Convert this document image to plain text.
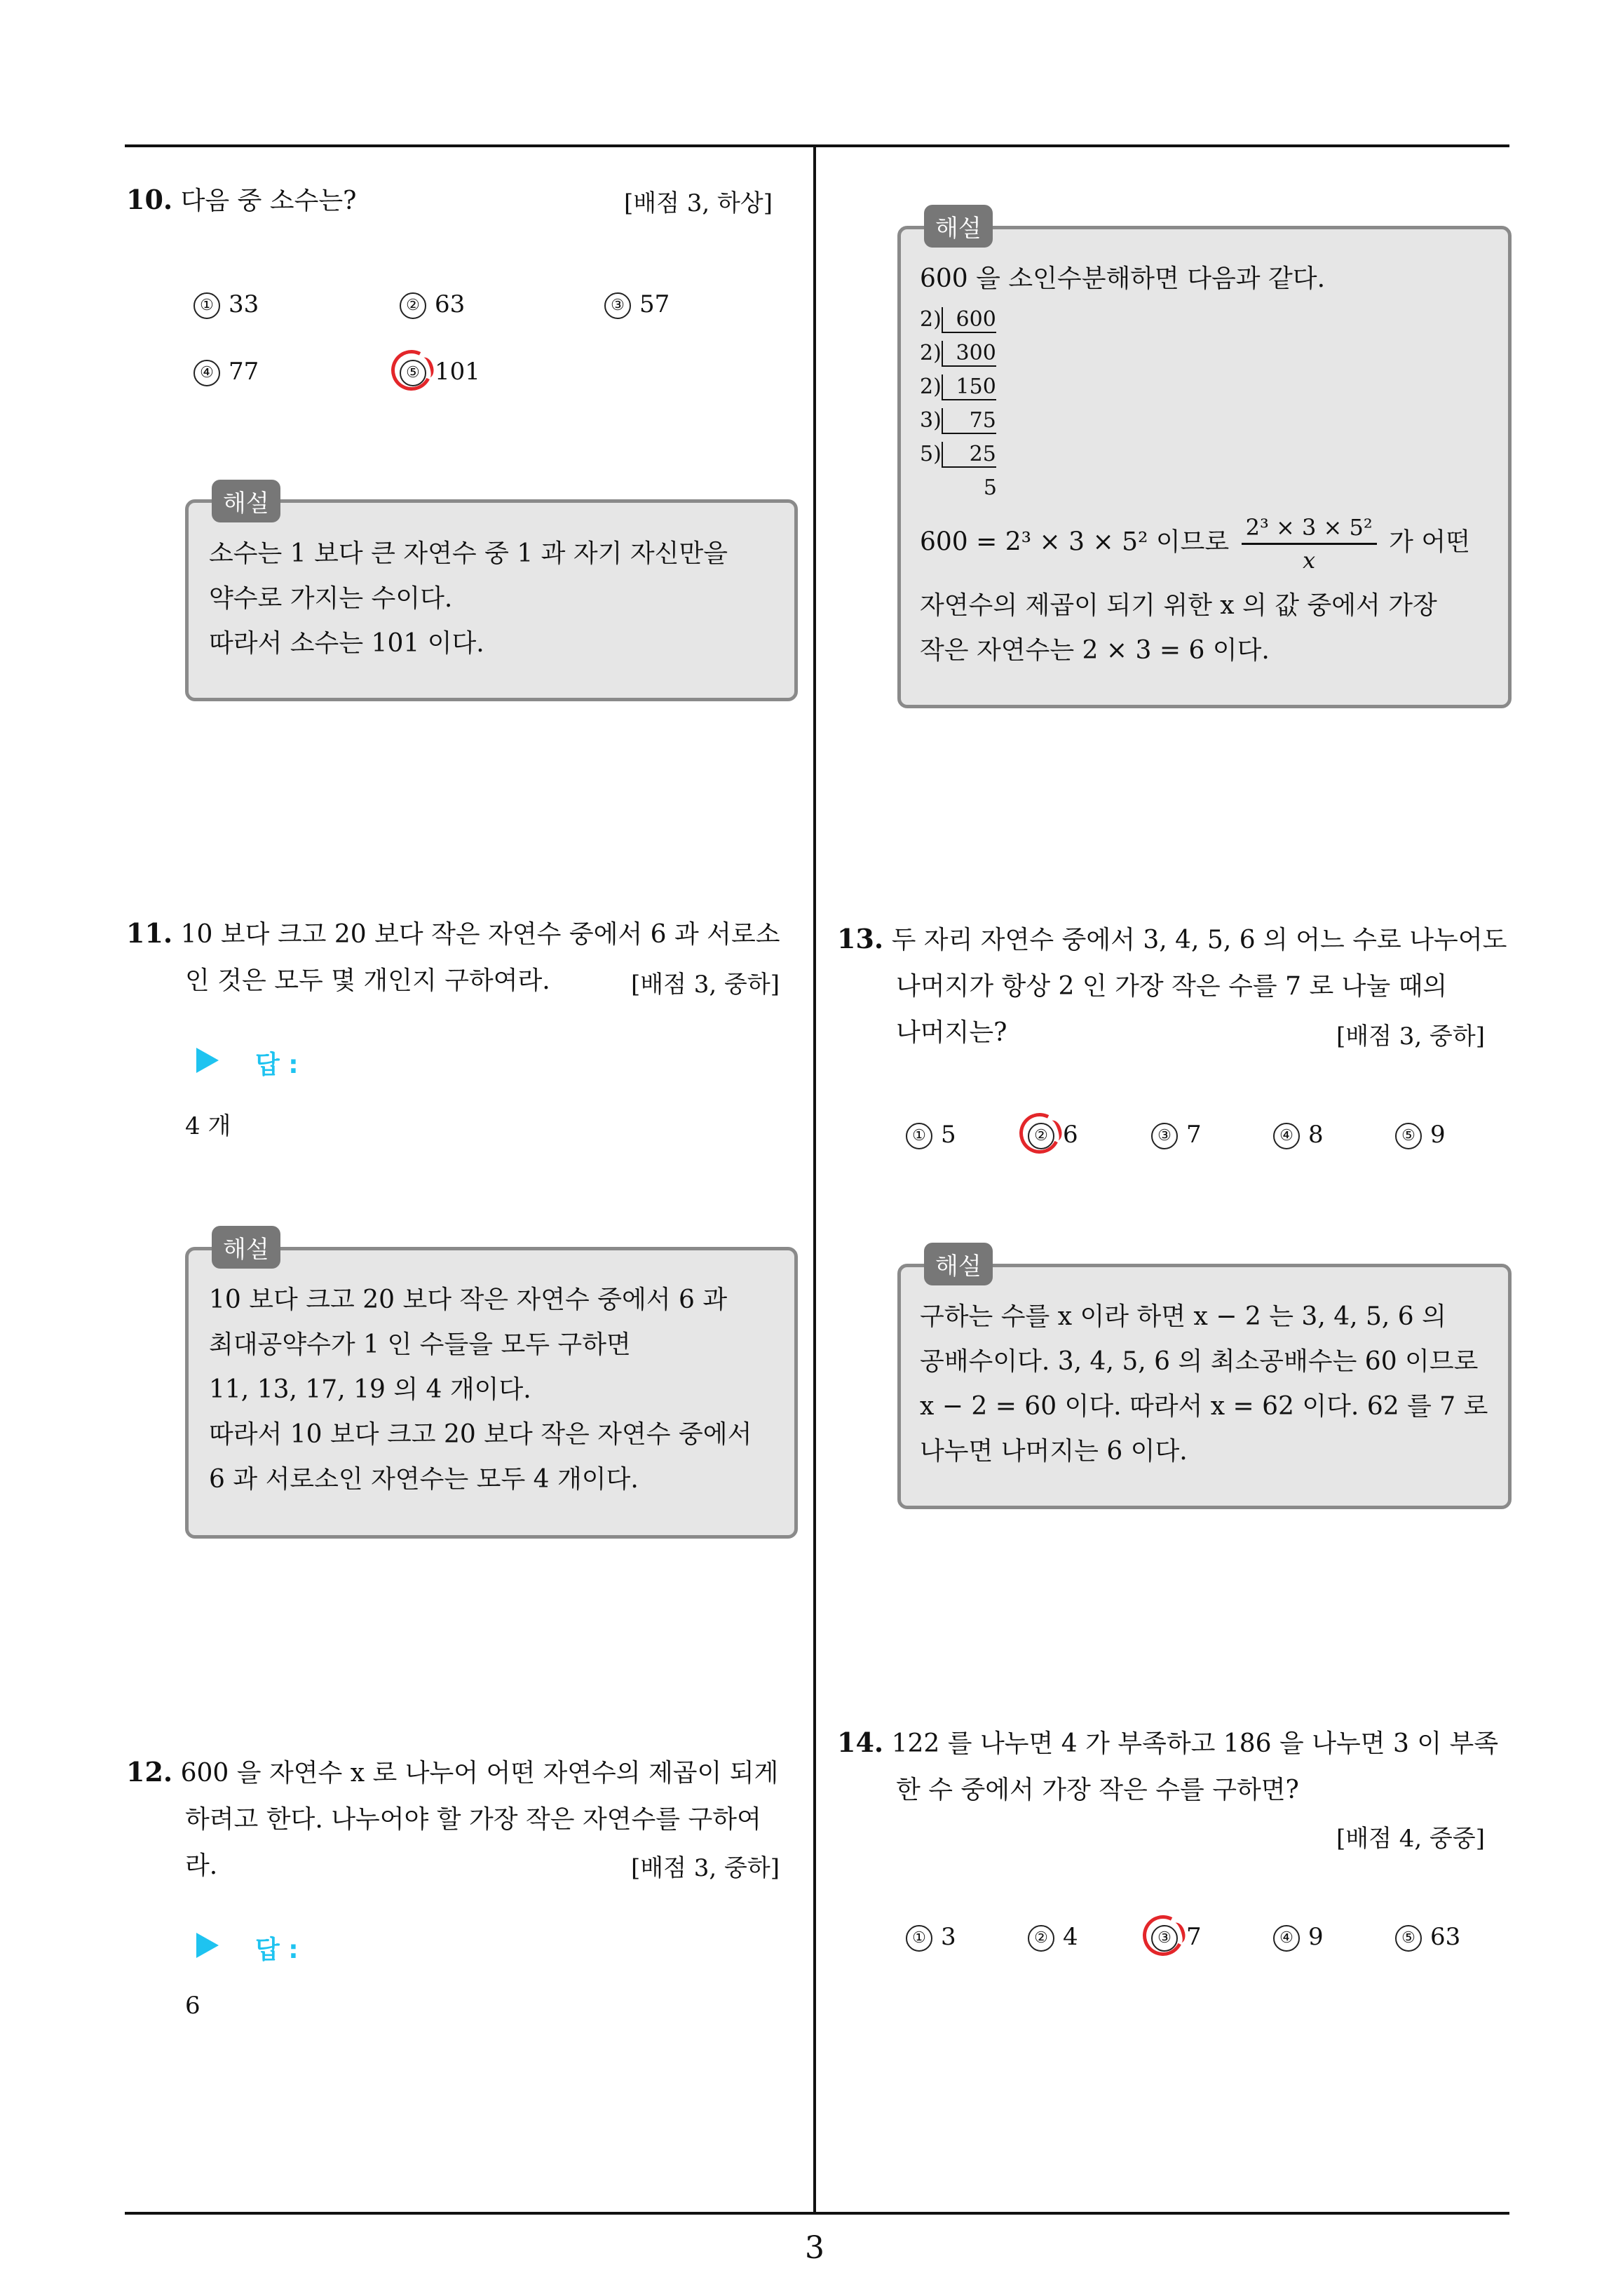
10. 다음 중 소수는?	[배점 3, 하상]
① 33	② 63	③ 57
④ 77	⑤ 101
해설
소수는 1 보다 큰 자연수 중 1 과 자기 자신만을
약수로 가지는 수이다.
따라서 소수는 101 이다.
11. 10 보다 크고 20 보다 작은 자연수 중에서 6 과 서로소
인 것은 모두 몇 개인지 구하여라.	[배점 3, 중하]
답 :
4 개
해설
10 보다 크고 20 보다 작은 자연수 중에서 6 과
최대공약수가 1 인 수들을 모두 구하면
11, 13, 17, 19 의 4 개이다.
따라서 10 보다 크고 20 보다 작은 자연수 중에서
6 과 서로소인 자연수는 모두 4 개이다.
12. 600 을 자연수 x 로 나누어 어떤 자연수의 제곱이 되게
하려고 한다. 나누어야 할 가장 작은 자연수를 구하여
라.	[배점 3, 중하]
답 :
6
해설
600 을 소인수분해하면 다음과 같다.
2) 600
2) 300
2) 150
3) 75
5) 25
5
600 = 2³ × 3 × 5² 이므로 $\frac{\text{2³ × 3 × 5²}}{x}$ 가 어떤
자연수의 제곱이 되기 위한 x 의 값 중에서 가장
작은 자연수는 2 × 3 = 6 이다.
13. 두 자리 자연수 중에서 3, 4, 5, 6 의 어느 수로 나누어도
나머지가 항상 2 인 가장 작은 수를 7 로 나눌 때의
나머지는?	[배점 3, 중하]
① 5	② 6	③ 7	④ 8	⑤ 9
해설
구하는 수를 x 이라 하면 x − 2 는 3, 4, 5, 6 의
공배수이다. 3, 4, 5, 6 의 최소공배수는 60 이므로
x − 2 = 60 이다. 따라서 x = 62 이다. 62 를 7 로
나누면 나머지는 6 이다.
14. 122 를 나누면 4 가 부족하고 186 을 나누면 3 이 부족
한 수 중에서 가장 작은 수를 구하면?
[배점 4, 중중]
① 3	② 4	③ 7	④ 9	⑤ 63
3
